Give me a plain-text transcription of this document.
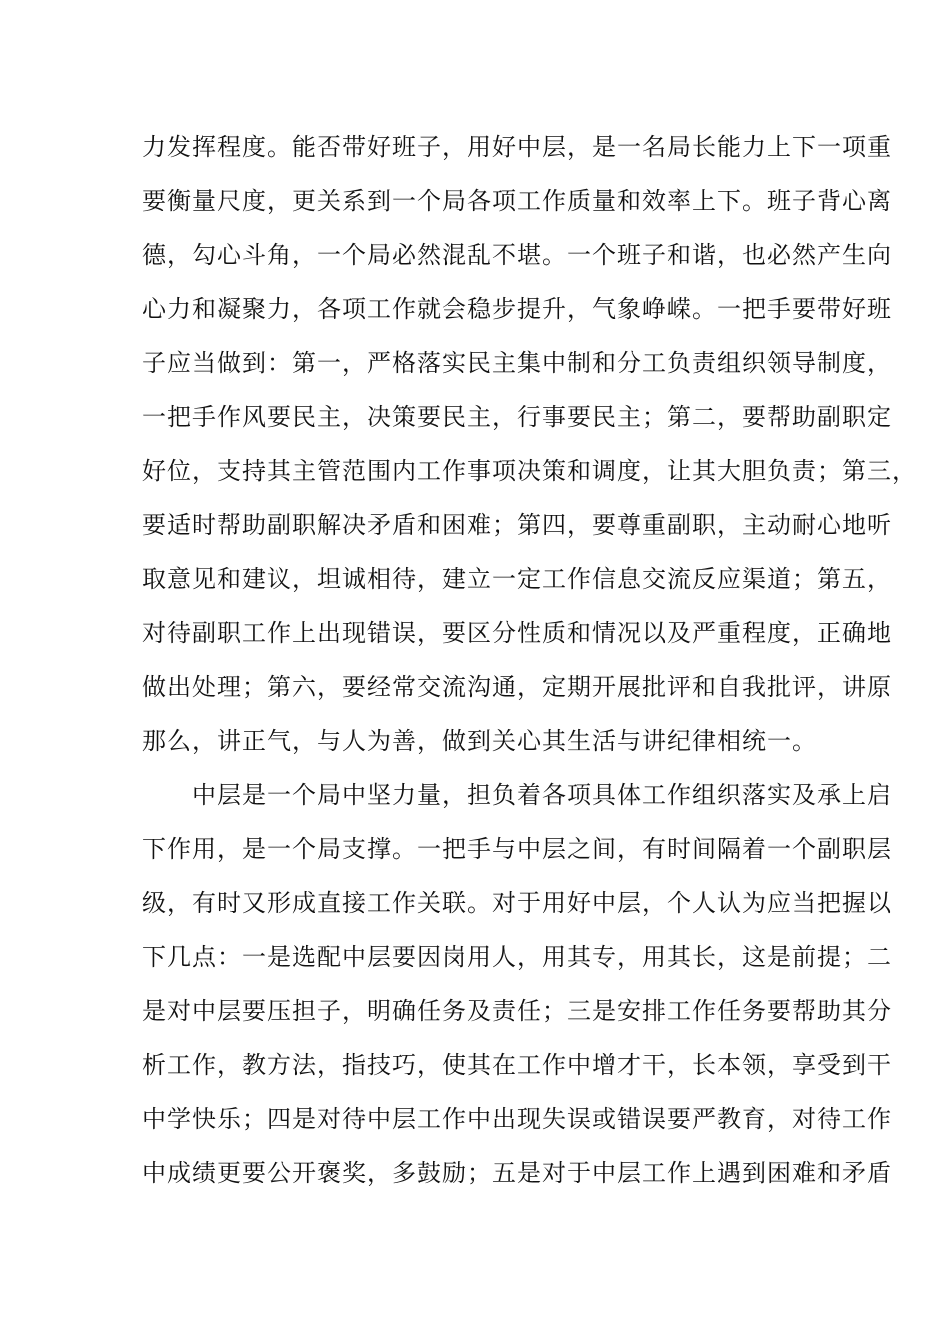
力发挥程度。能否带好班子，用好中层，是一名局长能力上下一项重
要衡量尺度，更关系到一个局各项工作质量和效率上下。班子背心离
德，勾心斗角，一个局必然混乱不堪。一个班子和谐，也必然产生向
心力和凝聚力，各项工作就会稳步提升，气象峥嵘。一把手要带好班
子应当做到：第一，严格落实民主集中制和分工负责组织领导制度，
一把手作风要民主，决策要民主，行事要民主；第二，要帮助副职定
好位，支持其主管范围内工作事项决策和调度，让其大胆负责；第三，
要适时帮助副职解决矛盾和困难；第四，要尊重副职，主动耐心地听
取意见和建议，坦诚相待，建立一定工作信息交流反应渠道；第五，
对待副职工作上出现错误，要区分性质和情况以及严重程度，正确地
做出处理；第六，要经常交流沟通，定期开展批评和自我批评，讲原
那么，讲正气，与人为善，做到关心其生活与讲纪律相统一。
中层是一个局中坚力量，担负着各项具体工作组织落实及承上启
下作用，是一个局支撑。一把手与中层之间，有时间隔着一个副职层
级，有时又形成直接工作关联。对于用好中层，个人认为应当把握以
下几点：一是选配中层要因岗用人，用其专，用其长，这是前提；二
是对中层要压担子，明确任务及责任；三是安排工作任务要帮助其分
析工作，教方法，指技巧，使其在工作中增才干，长本领，享受到干
中学快乐；四是对待中层工作中出现失误或错误要严教育，对待工作
中成绩更要公开褒奖，多鼓励；五是对于中层工作上遇到困难和矛盾
